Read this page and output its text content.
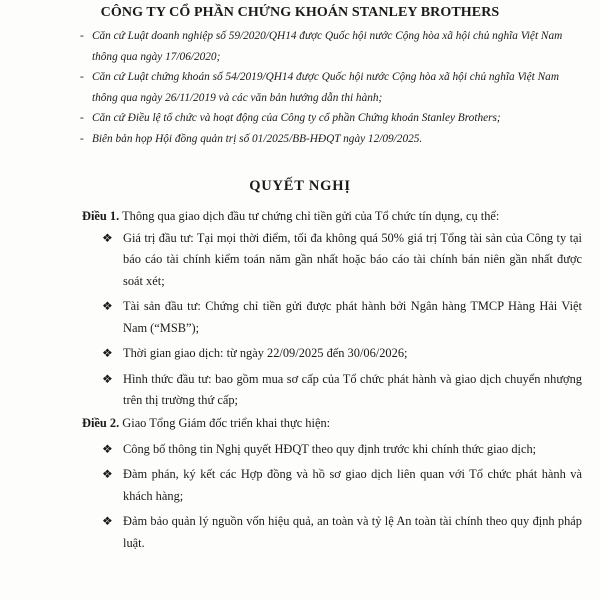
CÔNG TY CỔ PHẦN CHỨNG KHOÁN STANLEY BROTHERS

- Căn cứ Luật doanh nghiệp số 59/2020/QH14 được Quốc hội nước Cộng hòa xã hội chủ nghĩa Việt Nam thông qua ngày 17/06/2020;

- Căn cứ Luật chứng khoán số 54/2019/QH14 được Quốc hội nước Cộng hòa xã hội chủ nghĩa Việt Nam thông qua ngày 26/11/2019 và các văn bản hướng dẫn thi hành;

- Căn cứ Điều lệ tổ chức và hoạt động của Công ty cổ phần Chứng khoán Stanley Brothers;

- Biên bản họp Hội đồng quản trị số 01/2025/BB-HĐQT ngày 12/09/2025.

QUYẾT NGHỊ

Điều 1. Thông qua giao dịch đầu tư chứng chỉ tiền gửi của Tổ chức tín dụng, cụ thể:

❖ Giá trị đầu tư: Tại mọi thời điểm, tối đa không quá 50% giá trị Tổng tài sản của Công ty tại báo cáo tài chính kiểm toán năm gần nhất hoặc báo cáo tài chính bán niên gần nhất được soát xét;
❖ Tài sản đầu tư: Chứng chỉ tiền gửi được phát hành bởi Ngân hàng TMCP Hàng Hải Việt Nam (“MSB”);
❖ Thời gian giao dịch: từ ngày 22/09/2025 đến 30/06/2026;
❖ Hình thức đầu tư: bao gồm mua sơ cấp của Tổ chức phát hành và giao dịch chuyển nhượng trên thị trường thứ cấp;

Điều 2. Giao Tổng Giám đốc triển khai thực hiện:

❖ Công bố thông tin Nghị quyết HĐQT theo quy định trước khi chính thức giao dịch;
❖ Đàm phán, ký kết các Hợp đồng và hồ sơ giao dịch liên quan với Tổ chức phát hành và khách hàng;
❖ Đảm bảo quản lý nguồn vốn hiệu quả, an toàn và tỷ lệ An toàn tài chính theo quy định pháp luật.
